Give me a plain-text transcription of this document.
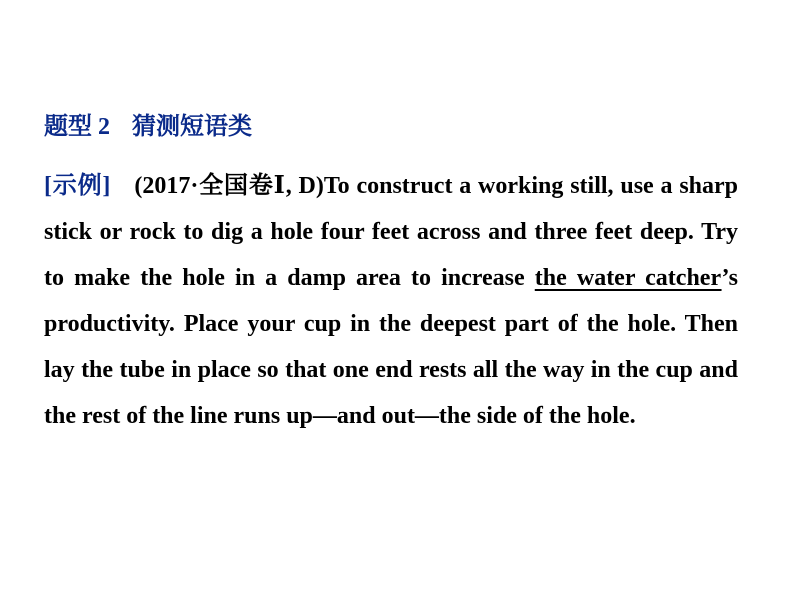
题型 2 猜测短语类
[示例] (2017·全国卷Ⅰ, D)To construct a working still, use a sharp stick or rock to dig a hole four feet across and three feet deep. Try to make the hole in a damp area to increase the water catcher’s productivity. Place your cup in the deepest part of the hole. Then lay the tube in place so that one end rests all the way in the cup and the rest of the line runs up—and out—the side of the hole.
